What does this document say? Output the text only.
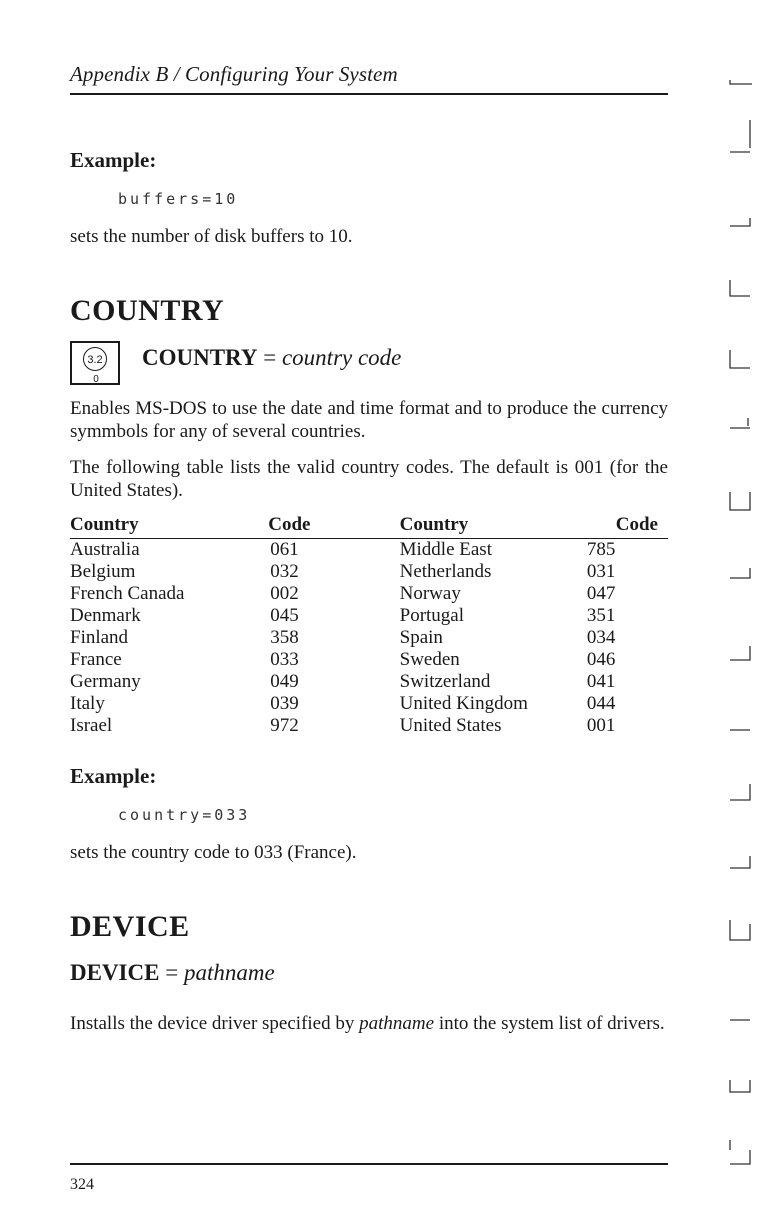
Appendix B / Configuring Your System
Example:
buffers=10
sets the number of disk buffers to 10.
COUNTRY
3.2
0
COUNTRY = country code
Enables MS-DOS to use the date and time format and to produce the currency symmbols for any of several countries.
The following table lists the valid country codes. The default is 001 (for the United States).
Country	Code	Country	Code
Australia	061	Middle East	785
Belgium	032	Netherlands	031
French Canada	002	Norway	047
Denmark	045	Portugal	351
Finland	358	Spain	034
France	033	Sweden	046
Germany	049	Switzerland	041
Italy	039	United Kingdom	044
Israel	972	United States	001
Example:
country=033
sets the country code to 033 (France).
DEVICE
DEVICE = pathname
Installs the device driver specified by pathname into the system list of drivers.
324
